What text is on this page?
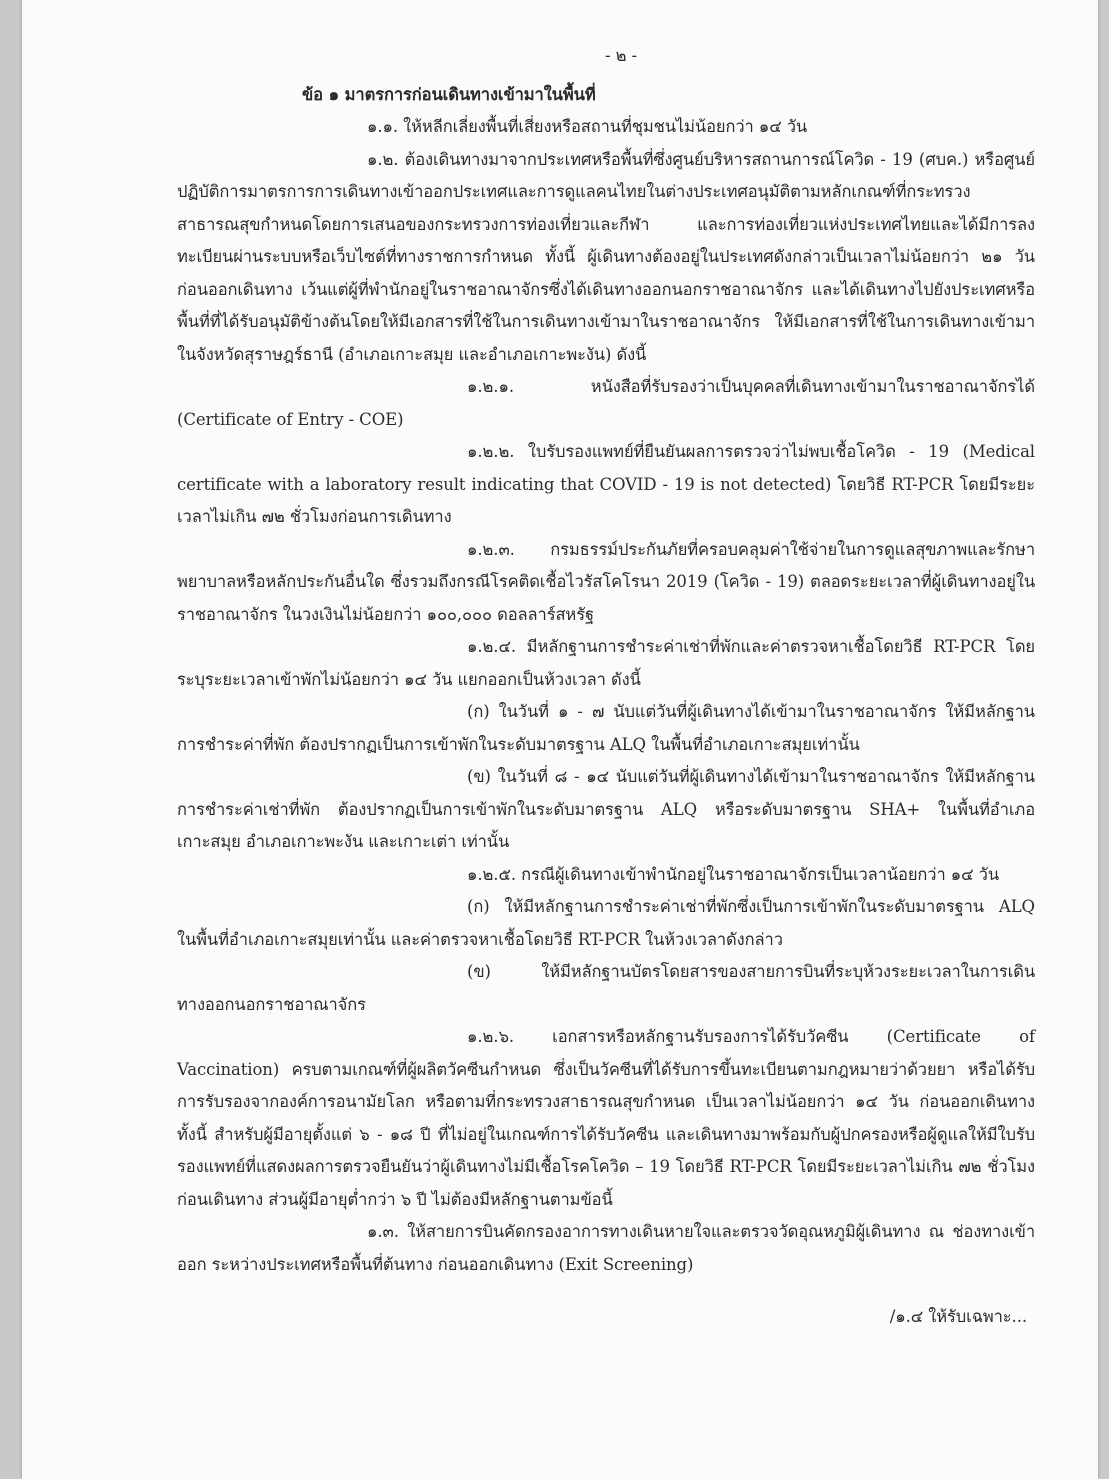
- ๒ -

ข้อ ๑ มาตรการก่อนเดินทางเข้ามาในพื้นที่

๑.๑. ให้หลีกเลี่ยงพื้นที่เสี่ยงหรือสถานที่ชุมชนไม่น้อยกว่า ๑๔ วัน

๑.๒. ต้องเดินทางมาจากประเทศหรือพื้นที่ซึ่งศูนย์บริหารสถานการณ์โควิด - 19 (ศบค.) หรือศูนย์ปฏิบัติการมาตรการการเดินทางเข้าออกประเทศและการดูแลคนไทยในต่างประเทศอนุมัติตามหลักเกณฑ์ที่กระทรวงสาธารณสุขกำหนดโดยการเสนอของกระทรวงการท่องเที่ยวและกีฬา และการท่องเที่ยวแห่งประเทศไทยและได้มีการลงทะเบียนผ่านระบบหรือเว็บไซต์ที่ทางราชการกำหนด ทั้งนี้ ผู้เดินทางต้องอยู่ในประเทศดังกล่าวเป็นเวลาไม่น้อยกว่า ๒๑ วันก่อนออกเดินทาง เว้นแต่ผู้ที่พำนักอยู่ในราชอาณาจักรซึ่งได้เดินทางออกนอกราชอาณาจักร และได้เดินทางไปยังประเทศหรือพื้นที่ที่ได้รับอนุมัติข้างต้นโดยให้มีเอกสารที่ใช้ในการเดินทางเข้ามาในราชอาณาจักร ให้มีเอกสารที่ใช้ในการเดินทางเข้ามาในจังหวัดสุราษฎร์ธานี (อำเภอเกาะสมุย และอำเภอเกาะพะงัน) ดังนี้

๑.๒.๑. หนังสือที่รับรองว่าเป็นบุคคลที่เดินทางเข้ามาในราชอาณาจักรได้ (Certificate of Entry - COE)

๑.๒.๒. ใบรับรองแพทย์ที่ยืนยันผลการตรวจว่าไม่พบเชื้อโควิด - 19 (Medical certificate with a laboratory result indicating that COVID - 19 is not detected) โดยวิธี RT-PCR โดยมีระยะเวลาไม่เกิน ๗๒ ชั่วโมงก่อนการเดินทาง

๑.๒.๓. กรมธรรม์ประกันภัยที่ครอบคลุมค่าใช้จ่ายในการดูแลสุขภาพและรักษาพยาบาลหรือหลักประกันอื่นใด ซึ่งรวมถึงกรณีโรคติดเชื้อไวรัสโคโรนา 2019 (โควิด - 19) ตลอดระยะเวลาที่ผู้เดินทางอยู่ในราชอาณาจักร ในวงเงินไม่น้อยกว่า ๑๐๐,๐๐๐ ดอลลาร์สหรัฐ

๑.๒.๔. มีหลักฐานการชำระค่าเช่าที่พักและค่าตรวจหาเชื้อโดยวิธี RT-PCR โดยระบุระยะเวลาเข้าพักไม่น้อยกว่า ๑๔ วัน แยกออกเป็นห้วงเวลา ดังนี้

(ก) ในวันที่ ๑ - ๗ นับแต่วันที่ผู้เดินทางได้เข้ามาในราชอาณาจักร ให้มีหลักฐานการชำระค่าที่พัก ต้องปรากฏเป็นการเข้าพักในระดับมาตรฐาน ALQ ในพื้นที่อำเภอเกาะสมุยเท่านั้น

(ข) ในวันที่ ๘ - ๑๔ นับแต่วันที่ผู้เดินทางได้เข้ามาในราชอาณาจักร ให้มีหลักฐานการชำระค่าเช่าที่พัก ต้องปรากฏเป็นการเข้าพักในระดับมาตรฐาน ALQ หรือระดับมาตรฐาน SHA+ ในพื้นที่อำเภอเกาะสมุย อำเภอเกาะพะงัน และเกาะเต่า เท่านั้น

๑.๒.๕. กรณีผู้เดินทางเข้าพำนักอยู่ในราชอาณาจักรเป็นเวลาน้อยกว่า ๑๔ วัน

(ก) ให้มีหลักฐานการชำระค่าเช่าที่พักซึ่งเป็นการเข้าพักในระดับมาตรฐาน ALQ ในพื้นที่อำเภอเกาะสมุยเท่านั้น และค่าตรวจหาเชื้อโดยวิธี RT-PCR ในห้วงเวลาดังกล่าว

(ข) ให้มีหลักฐานบัตรโดยสารของสายการบินที่ระบุห้วงระยะเวลาในการเดินทางออกนอกราชอาณาจักร

๑.๒.๖. เอกสารหรือหลักฐานรับรองการได้รับวัคซีน (Certificate of Vaccination) ครบตามเกณฑ์ที่ผู้ผลิตวัคซีนกำหนด ซึ่งเป็นวัคซีนที่ได้รับการขึ้นทะเบียนตามกฎหมายว่าด้วยยา หรือได้รับการรับรองจากองค์การอนามัยโลก หรือตามที่กระทรวงสาธารณสุขกำหนด เป็นเวลาไม่น้อยกว่า ๑๔ วัน ก่อนออกเดินทาง ทั้งนี้ สำหรับผู้มีอายุตั้งแต่ ๖ - ๑๘ ปี ที่ไม่อยู่ในเกณฑ์การได้รับวัคซีน และเดินทางมาพร้อมกับผู้ปกครองหรือผู้ดูแลให้มีใบรับรองแพทย์ที่แสดงผลการตรวจยืนยันว่าผู้เดินทางไม่มีเชื้อโรคโควิด – 19 โดยวิธี RT-PCR โดยมีระยะเวลาไม่เกิน ๗๒ ชั่วโมงก่อนเดินทาง ส่วนผู้มีอายุต่ำกว่า ๖ ปี ไม่ต้องมีหลักฐานตามข้อนี้

๑.๓. ให้สายการบินคัดกรองอาการทางเดินหายใจและตรวจวัดอุณหภูมิผู้เดินทาง ณ ช่องทางเข้าออก ระหว่างประเทศหรือพื้นที่ต้นทาง ก่อนออกเดินทาง (Exit Screening)

/๑.๔ ให้รับเฉพาะ...
